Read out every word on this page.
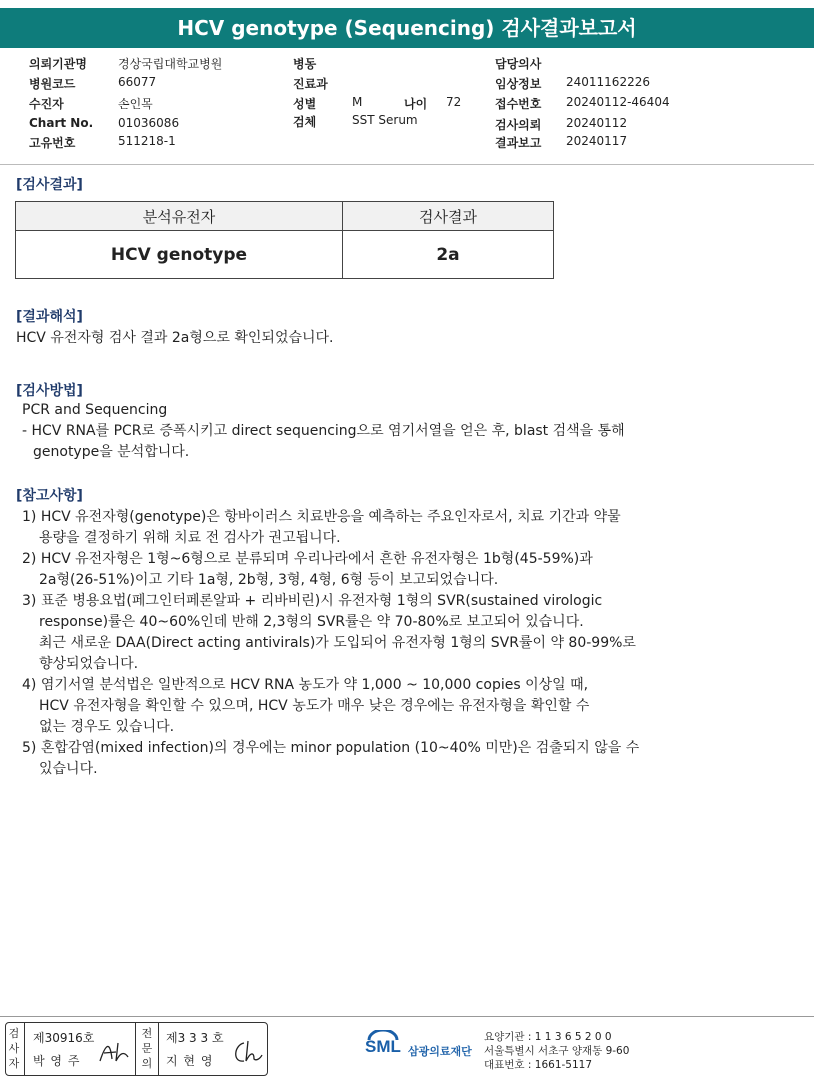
HCV genotype (Sequencing) 검사결과보고서
의뢰기관명	경상국립대학교병원
병원코드	66077
수진자	손인목
Chart No. 01036086
고유번호	511218-1
병동
진료과
성별	M	나이 72
검체	SST Serum
담당의사
임상정보 24011162226
접수번호 20240112-46404
검사의뢰 20240112
결과보고 20240117
[검사결과]
분석유전자	검사결과
HCV genotype	2a
[결과해석]
HCV 유전자형 검사 결과 2a형으로 확인되었습니다.
[검사방법]
PCR and Sequencing
- HCV RNA를 PCR로 증폭시키고 direct sequencing으로 염기서열을 얻은 후, blast 검색을 통해
genotype을 분석합니다.
[참고사항]
1) HCV 유전자형(genotype)은 항바이러스 치료반응을 예측하는 주요인자로서, 치료 기간과 약물
용량을 결정하기 위해 치료 전 검사가 권고됩니다.
2) HCV 유전자형은 1형~6형으로 분류되며 우리나라에서 흔한 유전자형은 1b형(45-59%)과
2a형(26-51%)이고 기타 1a형, 2b형, 3형, 4형, 6형 등이 보고되었습니다.
3) 표준 병용요법(페그인터페론알파 + 리바비린)시 유전자형 1형의 SVR(sustained virologic
response)률은 40~60%인데 반해 2,3형의 SVR률은 약 70-80%로 보고되어 있습니다.
최근 새로운 DAA(Direct acting antivirals)가 도입되어 유전자형 1형의 SVR률이 약 80-99%로
향상되었습니다.
4) 염기서열 분석법은 일반적으로 HCV RNA 농도가 약 1,000 ~ 10,000 copies 이상일 때,
HCV 유전자형을 확인할 수 있으며, HCV 농도가 매우 낮은 경우에는 유전자형을 확인할 수
없는 경우도 있습니다.
5) 혼합감염(mixed infection)의 경우에는 minor population (10~40% 미만)은 검출되지 않을 수
있습니다.
검사자
제30916호
박 영 주
전문의
제3 3 3 호
지 현 영
SML 삼광의료재단
요양기관 : 1 1 3 6 5 2 0 0
서울특별시 서초구 양재동 9-60
대표번호 : 1661-5117
